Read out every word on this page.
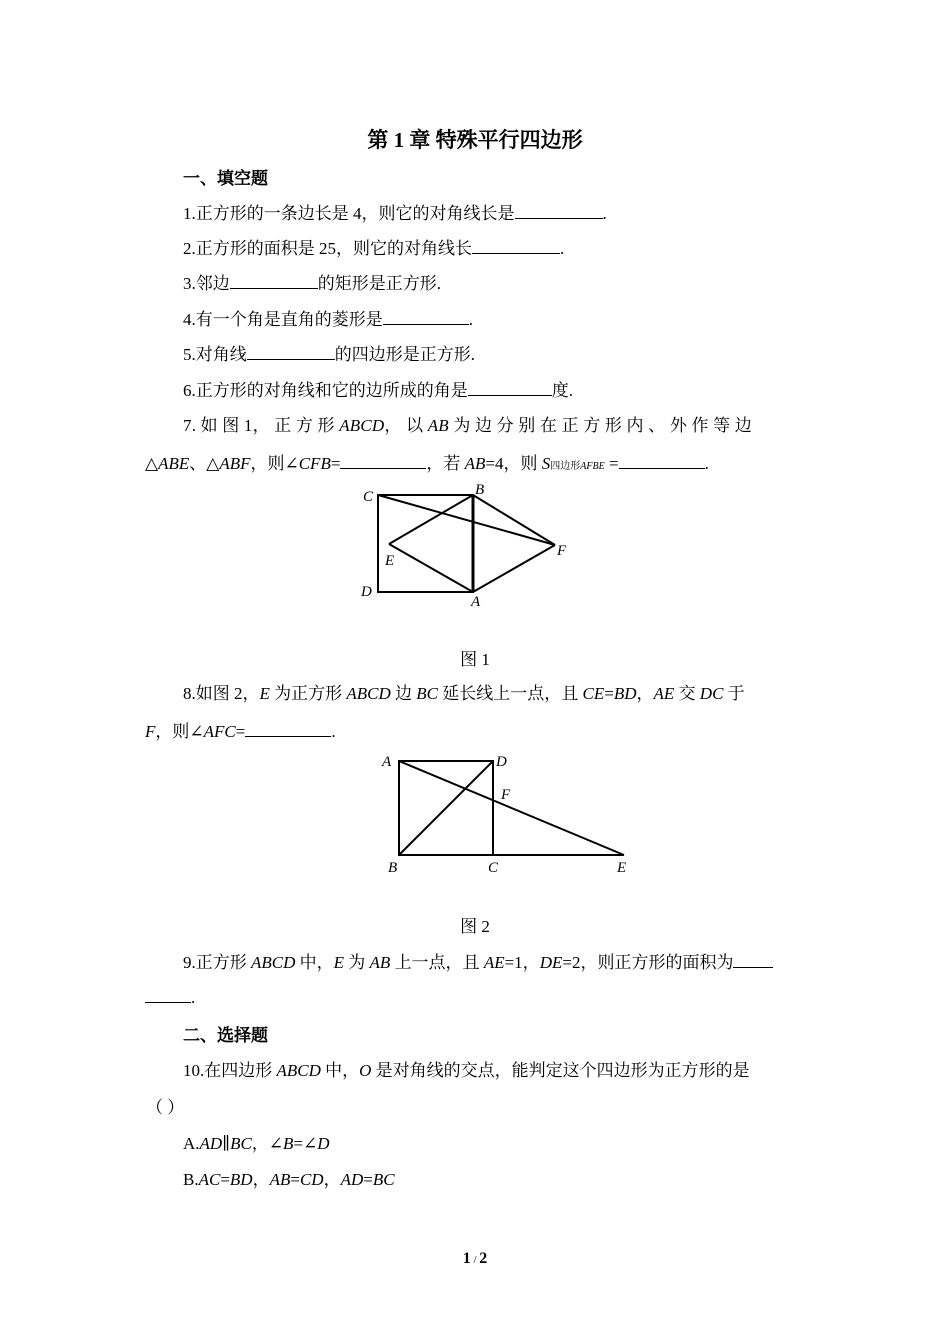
第 1 章 特殊平行四边形
一、填空题
1.正方形的一条边长是 4，则它的对角线长是	.
2.正方形的面积是 25，则它的对角线长	.
3.邻边	的矩形是正方形.
4.有一个角是直角的菱形是	.
5.对角线	的四边形是正方形.
6.正方形的对角线和它的边所成的角是	度.
7. 如 图 1， 正 方 形 ABCD， 以 AB 为 边 分 别 在 正 方 形 内 、 外 作 等 边
△ABE、△ABF，则∠CFB=	，若 AB=4，则 S四边形AFBE =	.
C	B
E
F
D
A
图 1
8.如图 2，E 为正方形 ABCD 边 BC 延长线上一点，且 CE=BD，AE 交 DC 于
F，则∠AFC=	.
A	D
F
B	C	E
图 2
9.正方形 ABCD 中，E 为 AB 上一点，且 AE=1，DE=2，则正方形的面积为
.
二、选择题
10.在四边形 ABCD 中，O 是对角线的交点，能判定这个四边形为正方形的是
（ ）
A.AD∥BC，∠B=∠D
B.AC=BD，AB=CD，AD=BC
1 / 2
